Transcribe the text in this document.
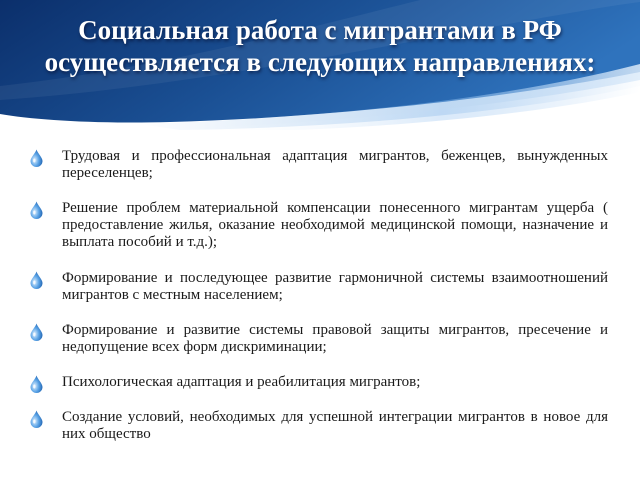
Социальная работа с мигрантами в РФ осуществляется в следующих направлениях:

Трудовая и профессиональная адаптация мигрантов, беженцев, вынужденных переселенцев;

Решение проблем материальной компенсации понесенного мигрантам ущерба ( предоставление жилья, оказание необходимой медицинской помощи, назначение и выплата пособий и т.д.);

Формирование и последующее развитие гармоничной системы взаимоотношений мигрантов с местным населением;

Формирование и развитие системы правовой защиты мигрантов, пресечение и недопущение всех форм дискриминации;

Психологическая адаптация и реабилитация мигрантов;

Создание условий, необходимых для успешной интеграции мигрантов в новое для них общество
